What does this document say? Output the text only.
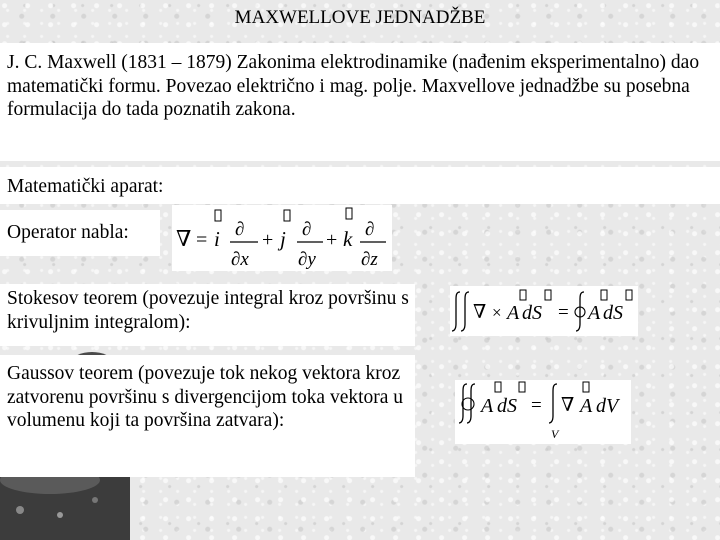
MAXWELLOVE JEDNADŽBE
J. C. Maxwell (1831 – 1879) Zakonima elektrodinamike (nađenim eksperimentalno) dao matematički formu. Povezao električno i mag. polje. Maxvellove jednadžbe su posebna formulacija do tada poznatih zakona.
Matematički aparat:
Operator nabla:	∇ = i ∂
∂x
+ j ∂
∂y
+ k ∂
∂z
Stokesov teorem (povezuje integral kroz površinu s krivuljnim integralom):	∇ × A dS = A dS
Gaussov teorem (povezuje tok nekog vektora kroz zatvorenu površinu s divergencijom toka vektora u volumenu koji ta površina zatvara):
A dS =
V
∇ A dV
